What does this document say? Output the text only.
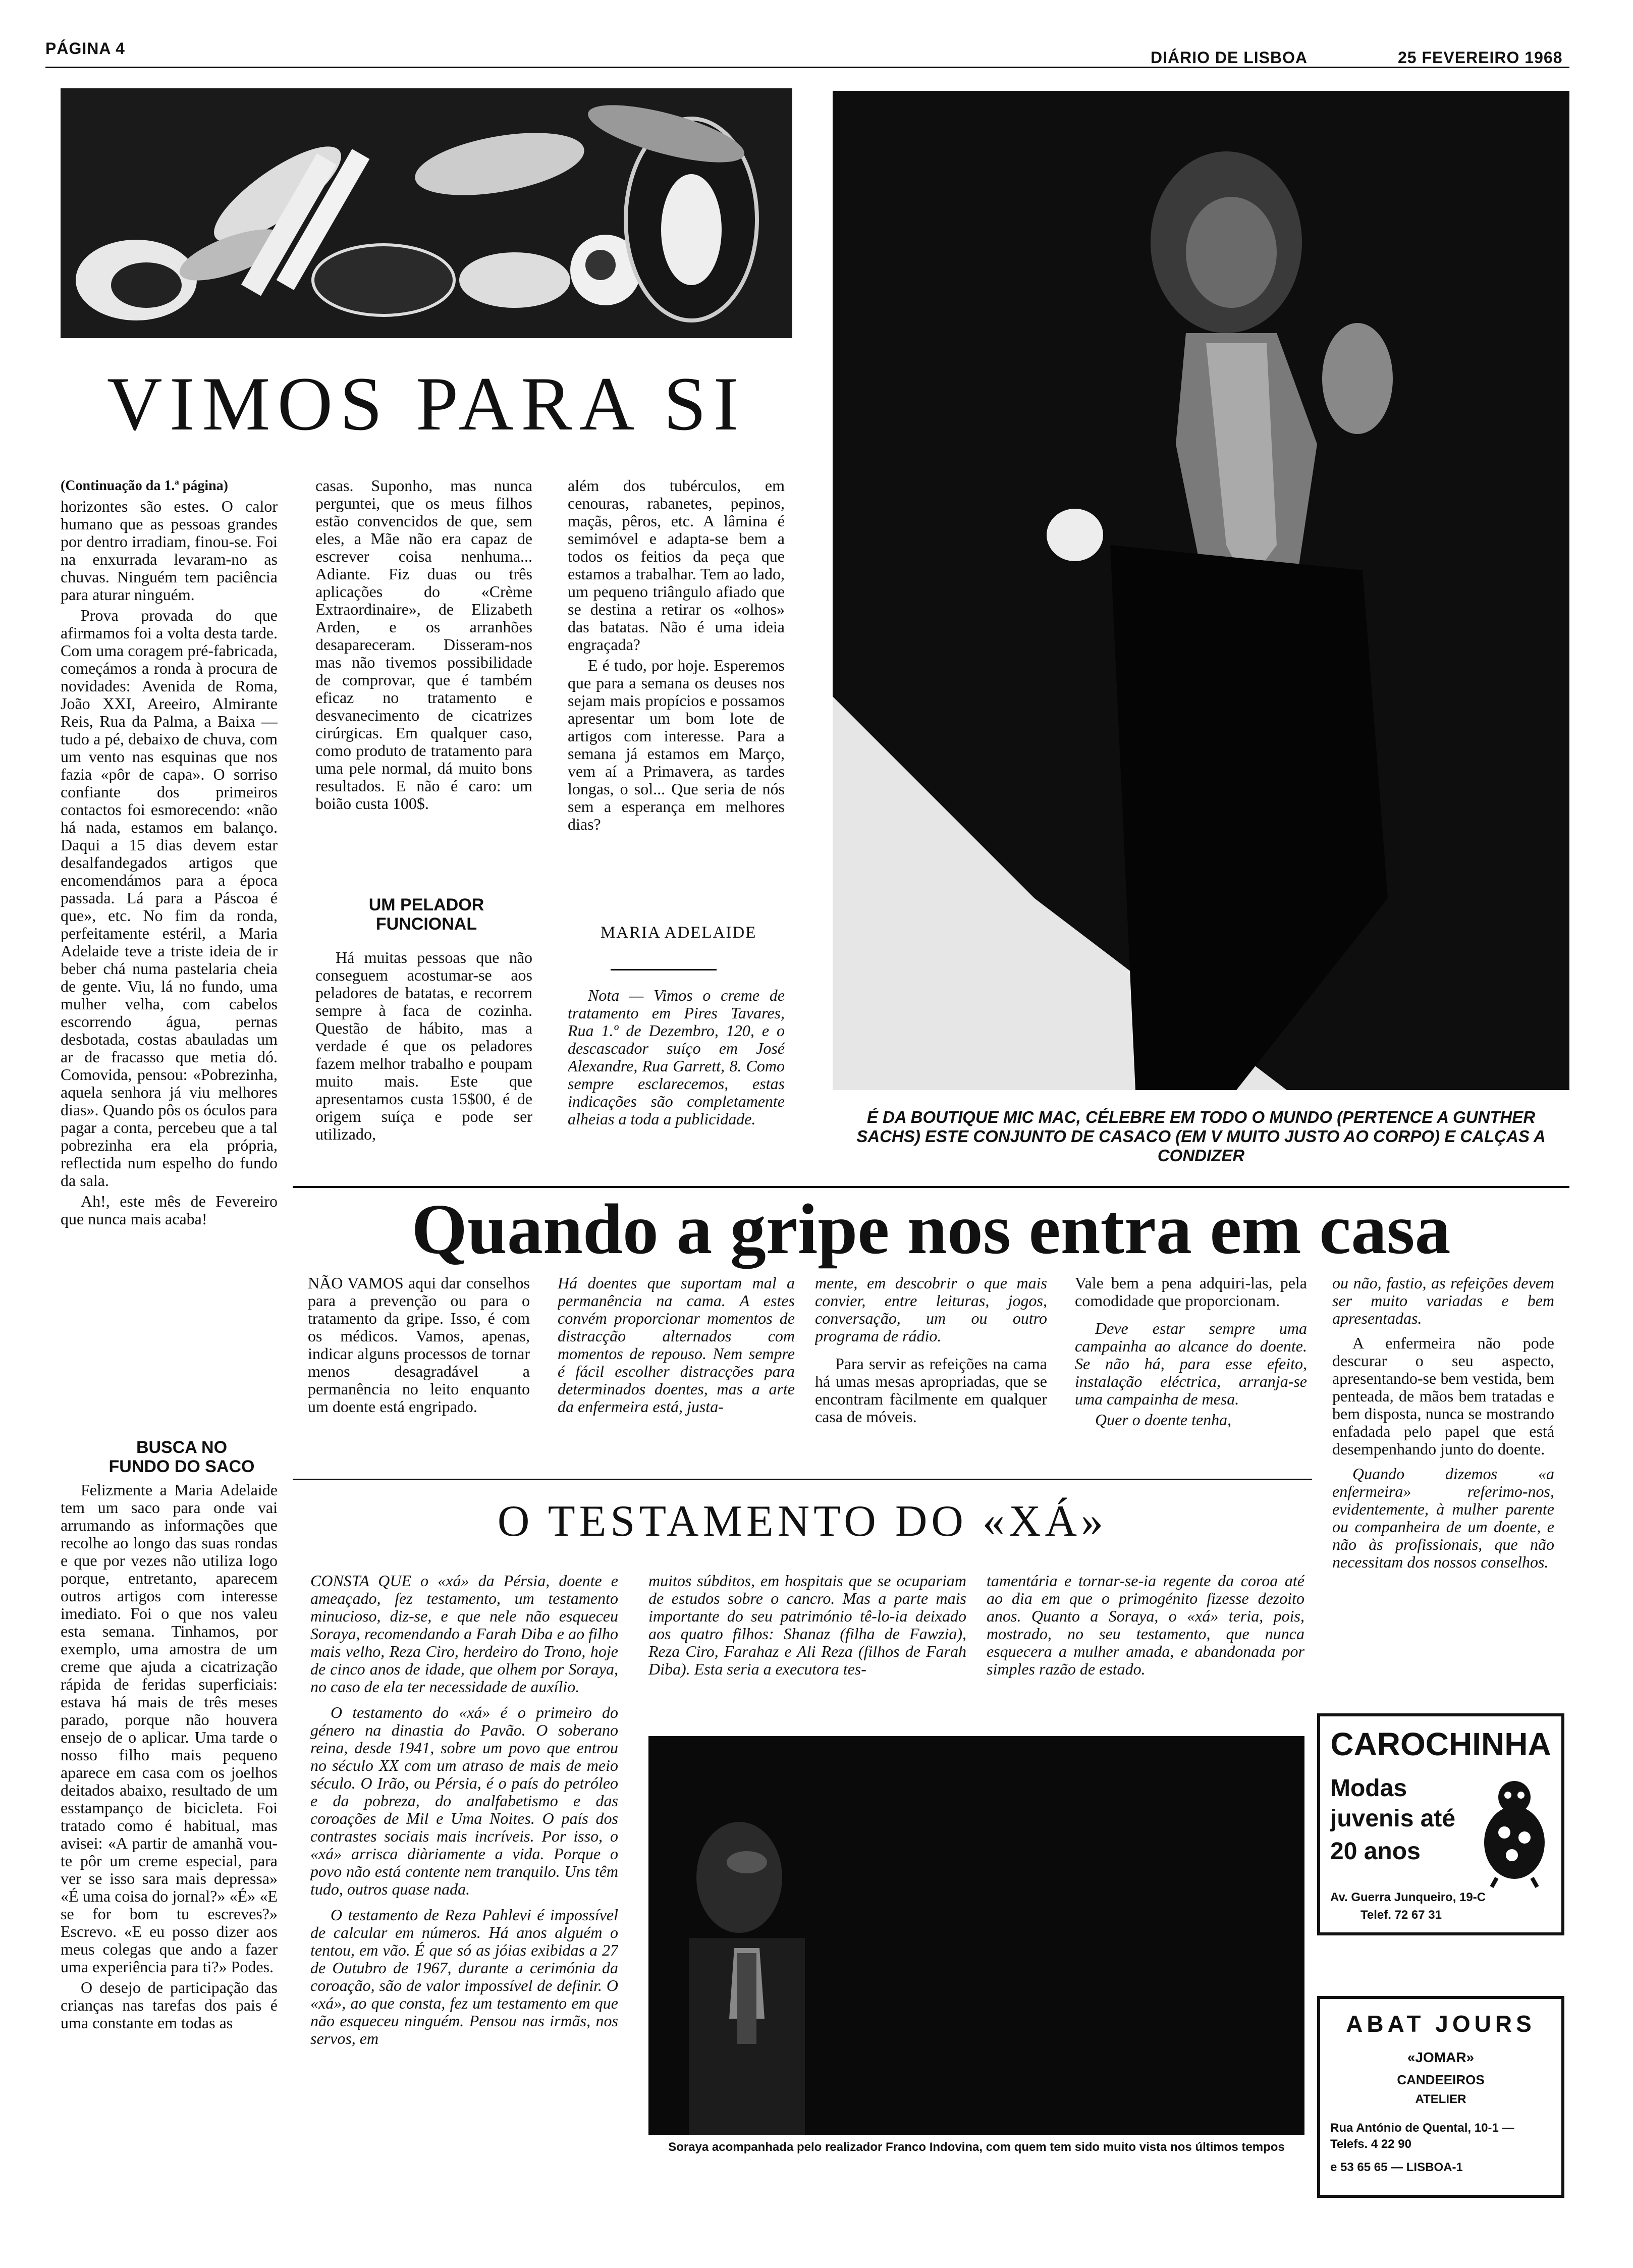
PÁGINA 4	DIÁRIO DE LISBOA	25 FEVEREIRO 1968
VIMOS PARA SI

(Continuação da 1.ª página)

horizontes são estes. O calor humano que as pessoas grandes por dentro irradiam, finou-se. Foi na enxurrada levaram-no as chuvas. Ninguém tem paciência para aturar ninguém.

Prova provada do que afirmamos foi a volta desta tarde. Com uma coragem pré-fabricada, começámos a ronda à procura de novidades: Avenida de Roma, João XXI, Areeiro, Almirante Reis, Rua da Palma, a Baixa — tudo a pé, debaixo de chuva, com um vento nas esquinas que nos fazia «pôr de capa». O sorriso confiante dos primeiros contactos foi esmorecendo: «não há nada, estamos em balanço. Daqui a 15 dias devem estar desalfandegados artigos que encomendámos para a época passada. Lá para a Páscoa é que», etc. No fim da ronda, perfeitamente estéril, a Maria Adelaide teve a triste ideia de ir beber chá numa pastelaria cheia de gente. Viu, lá no fundo, uma mulher velha, com cabelos escorrendo água, pernas desbotada, costas abauladas um ar de fracasso que metia dó. Comovida, pensou: «Pobrezinha, aquela senhora já viu melhores dias». Quando pôs os óculos para pagar a conta, percebeu que a tal pobrezinha era ela própria, reflectida num espelho do fundo da sala.

Ah!, este mês de Fevereiro que nunca mais acaba!

BUSCA NO FUNDO DO SACO

Felizmente a Maria Adelaide tem um saco para onde vai arrumando as informações que recolhe ao longo das suas rondas e que por vezes não utiliza logo porque, entretanto, aparecem outros artigos com interesse imediato. Foi o que nos valeu esta semana. Tinhamos, por exemplo, uma amostra de um creme que ajuda a cicatrização rápida de feridas superficiais: estava há mais de três meses parado, porque não houvera ensejo de o aplicar. Uma tarde o nosso filho mais pequeno aparece em casa com os joelhos deitados abaixo, resultado de um esstampanço de bicicleta. Foi tratado como é habitual, mas avisei: «A partir de amanhã vou-te pôr um creme especial, para ver se isso sara mais depressa» «É uma coisa do jornal?» «É» «E se for bom tu escreves?» Escrevo. «E eu posso dizer aos meus colegas que ando a fazer uma experiência para ti?» Podes.

O desejo de participação das crianças nas tarefas dos pais é uma constante em todas as

casas. Suponho, mas nunca perguntei, que os meus filhos estão convencidos de que, sem eles, a Mãe não era capaz de escrever coisa nenhuma... Adiante. Fiz duas ou três aplicações do «Crème Extraordinaire», de Elizabeth Arden, e os arranhões desapareceram. Disseram-nos mas não tivemos possibilidade de comprovar, que é também eficaz no tratamento e desvanecimento de cicatrizes cirúrgicas. Em qualquer caso, como produto de tratamento para uma pele normal, dá muito bons resultados. E não é caro: um boião custa 100$.

UM PELADOR FUNCIONAL

Há muitas pessoas que não conseguem acostumar-se aos peladores de batatas, e recorrem sempre à faca de cozinha. Questão de hábito, mas a verdade é que os peladores fazem melhor trabalho e poupam muito mais. Este que apresentamos custa 15$00, é de origem suíça e pode ser utilizado,

além dos tubérculos, em cenouras, rabanetes, pepinos, maçãs, pêros, etc. A lâmina é semimóvel e adapta-se bem a todos os feitios da peça que estamos a trabalhar. Tem ao lado, um pequeno triângulo afiado que se destina a retirar os «olhos» das batatas. Não é uma ideia engraçada?

E é tudo, por hoje. Esperemos que para a semana os deuses nos sejam mais propícios e possamos apresentar um bom lote de artigos com interesse. Para a semana já estamos em Março, vem aí a Primavera, as tardes longas, o sol... Que seria de nós sem a esperança em melhores dias?

MARIA ADELAIDE

Nota — Vimos o creme de tratamento em Pires Tavares, Rua 1.º de Dezembro, 120, e o descascador suíço em José Alexandre, Rua Garrett, 8. Como sempre esclarecemos, estas indicações são completamente alheias a toda a publicidade.	É DA BOUTIQUE MIC MAC, CÉLEBRE EM TODO O MUNDO (PERTENCE A GUNTHER SACHS) ESTE CONJUNTO DE CASACO (EM V MUITO JUSTO AO CORPO) E CALÇAS A CONDIZER
Quando a gripe nos entra em casa

NÃO VAMOS aqui dar conselhos para a prevenção ou para o tratamento da gripe. Isso, é com os médicos. Vamos, apenas, indicar alguns processos de tornar menos desagradável a permanência no leito enquanto um doente está engripado.

Há doentes que suportam mal a permanência na cama. A estes convém proporcionar momentos de distracção alternados com momentos de repouso. Nem sempre é fácil escolher distracções para determinados doentes, mas a arte da enfermeira está, justa-

mente, em descobrir o que mais convier, entre leituras, jogos, conversação, um ou outro programa de rádio.

Para servir as refeições na cama há umas mesas apropriadas, que se encontram fàcilmente em qualquer casa de móveis.

Vale bem a pena adquiri-las, pela comodidade que proporcionam.

Deve estar sempre uma campainha ao alcance do doente. Se não há, para esse efeito, instalação eléctrica, arranja-se uma campainha de mesa.

Quer o doente tenha,

ou não, fastio, as refeições devem ser muito variadas e bem apresentadas.

A enfermeira não pode descurar o seu aspecto, apresentando-se bem vestida, bem penteada, de mãos bem tratadas e bem disposta, nunca se mostrando enfadada pelo papel que está desempenhando junto do doente.

Quando dizemos «a enfermeira» referimo-nos, evidentemente, à mulher parente ou companheira de um doente, e não às profissionais, que não necessitam dos nossos conselhos.

O TESTAMENTO DO «XÁ»

CONSTA QUE o «xá» da Pérsia, doente e ameaçado, fez testamento, um testamento minucioso, diz-se, e que nele não esqueceu Soraya, recomendando a Farah Diba e ao filho mais velho, Reza Ciro, herdeiro do Trono, hoje de cinco anos de idade, que olhem por Soraya, no caso de ela ter necessidade de auxílio.

O testamento do «xá» é o primeiro do género na dinastia do Pavão. O soberano reina, desde 1941, sobre um povo que entrou no século XX com um atraso de mais de meio século. O Irão, ou Pérsia, é o país do petróleo e da pobreza, do analfabetismo e das coroações de Mil e Uma Noites. O país dos contrastes sociais mais incríveis. Por isso, o «xá» arrisca diàriamente a vida. Porque o povo não está contente nem tranquilo. Uns têm tudo, outros quase nada.

O testamento de Reza Pahlevi é impossível de calcular em números. Há anos alguém o tentou, em vão. É que só as jóias exibidas a 27 de Outubro de 1967, durante a cerimónia da coroação, são de valor impossível de definir. O «xá», ao que consta, fez um testamento em que não esqueceu ninguém. Pensou nas irmãs, nos servos, em

muitos súbditos, em hospitais que se ocupariam de estudos sobre o cancro. Mas a parte mais importante do seu património tê-lo-ia deixado aos quatro filhos: Shanaz (filha de Fawzia), Reza Ciro, Farahaz e Ali Reza (filhos de Farah Diba). Esta seria a executora tes-

tamentária e tornar-se-ia regente da coroa até ao dia em que o primogénito fizesse dezoito anos. Quanto a Soraya, o «xá» teria, pois, mostrado, no seu testamento, que nunca esquecera a mulher amada, e abandonada por simples razão de estado.

Soraya acompanhada pelo realizador Franco Indovina, com quem tem sido muito vista nos últimos tempos
CAROCHINHA
Modas
juvenis até
20 anos
Av. Guerra Junqueiro, 19-C
Telef. 72 67 31
ABAT JOURS
«JOMAR»
CANDEEIROS
ATELIER
Rua António de Quental, 10-1 — Telefs. 4 22 90
e 53 65 65 — LISBOA-1
